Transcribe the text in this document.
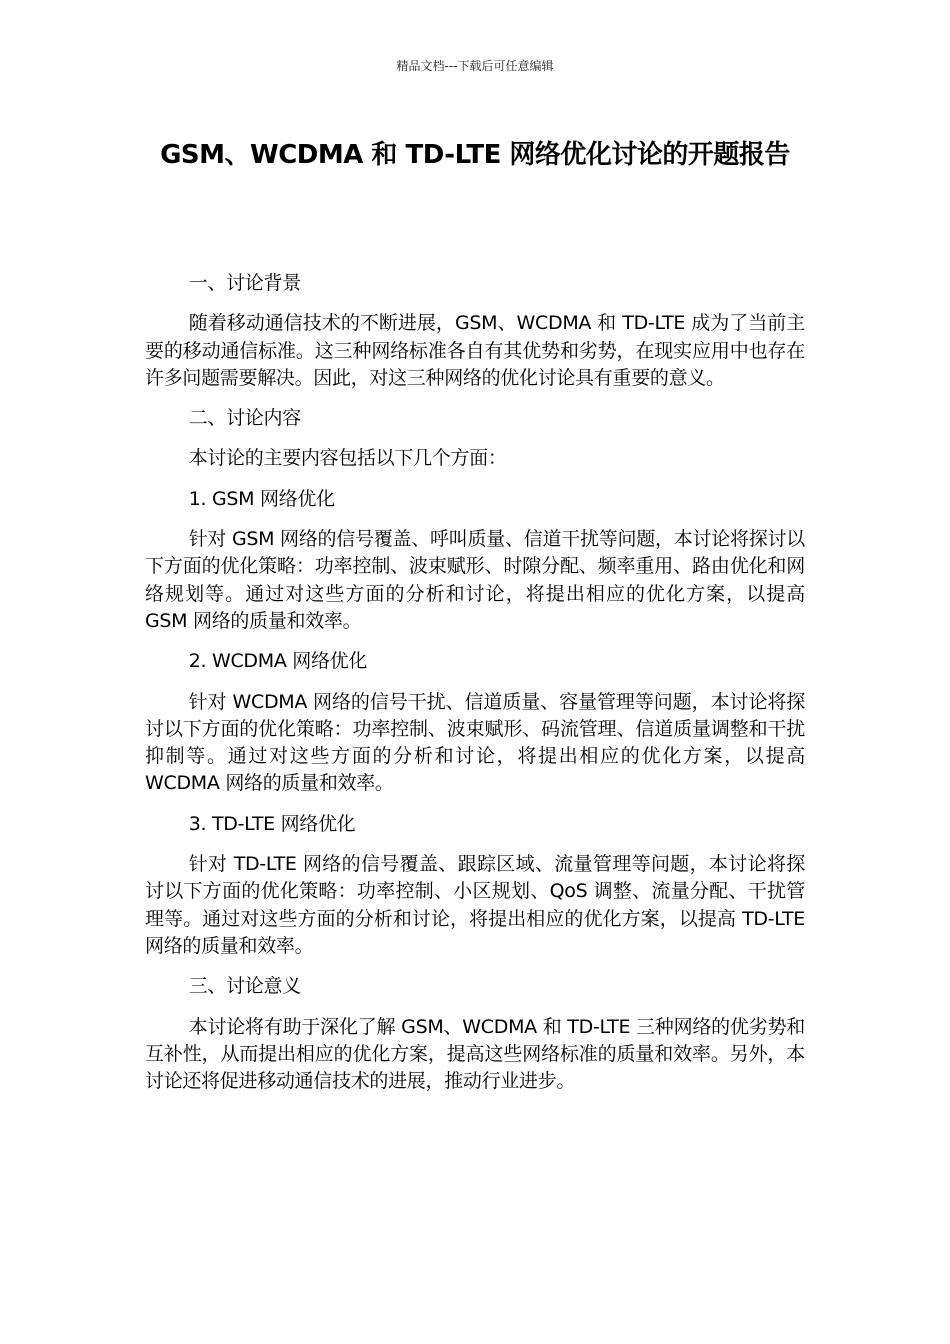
精品文档---下载后可任意编辑
GSM、WCDMA 和 TD-LTE 网络优化讨论的开题报告

一、讨论背景

随着移动通信技术的不断进展，GSM、WCDMA 和 TD-LTE 成为了当前主要的移动通信标准。这三种网络标准各自有其优势和劣势，在现实应用中也存在许多问题需要解决。因此，对这三种网络的优化讨论具有重要的意义。

二、讨论内容

本讨论的主要内容包括以下几个方面：

1. GSM 网络优化

针对 GSM 网络的信号覆盖、呼叫质量、信道干扰等问题，本讨论将探讨以下方面的优化策略：功率控制、波束赋形、时隙分配、频率重用、路由优化和网络规划等。通过对这些方面的分析和讨论，将提出相应的优化方案，以提高 GSM 网络的质量和效率。

2. WCDMA 网络优化

针对 WCDMA 网络的信号干扰、信道质量、容量管理等问题，本讨论将探讨以下方面的优化策略：功率控制、波束赋形、码流管理、信道质量调整和干扰抑制等。通过对这些方面的分析和讨论，将提出相应的优化方案，以提高 WCDMA 网络的质量和效率。

3. TD-LTE 网络优化

针对 TD-LTE 网络的信号覆盖、跟踪区域、流量管理等问题，本讨论将探讨以下方面的优化策略：功率控制、小区规划、QoS 调整、流量分配、干扰管理等。通过对这些方面的分析和讨论，将提出相应的优化方案，以提高 TD-LTE 网络的质量和效率。

三、讨论意义

本讨论将有助于深化了解 GSM、WCDMA 和 TD-LTE 三种网络的优劣势和互补性，从而提出相应的优化方案，提高这些网络标准的质量和效率。另外，本讨论还将促进移动通信技术的进展，推动行业进步。
